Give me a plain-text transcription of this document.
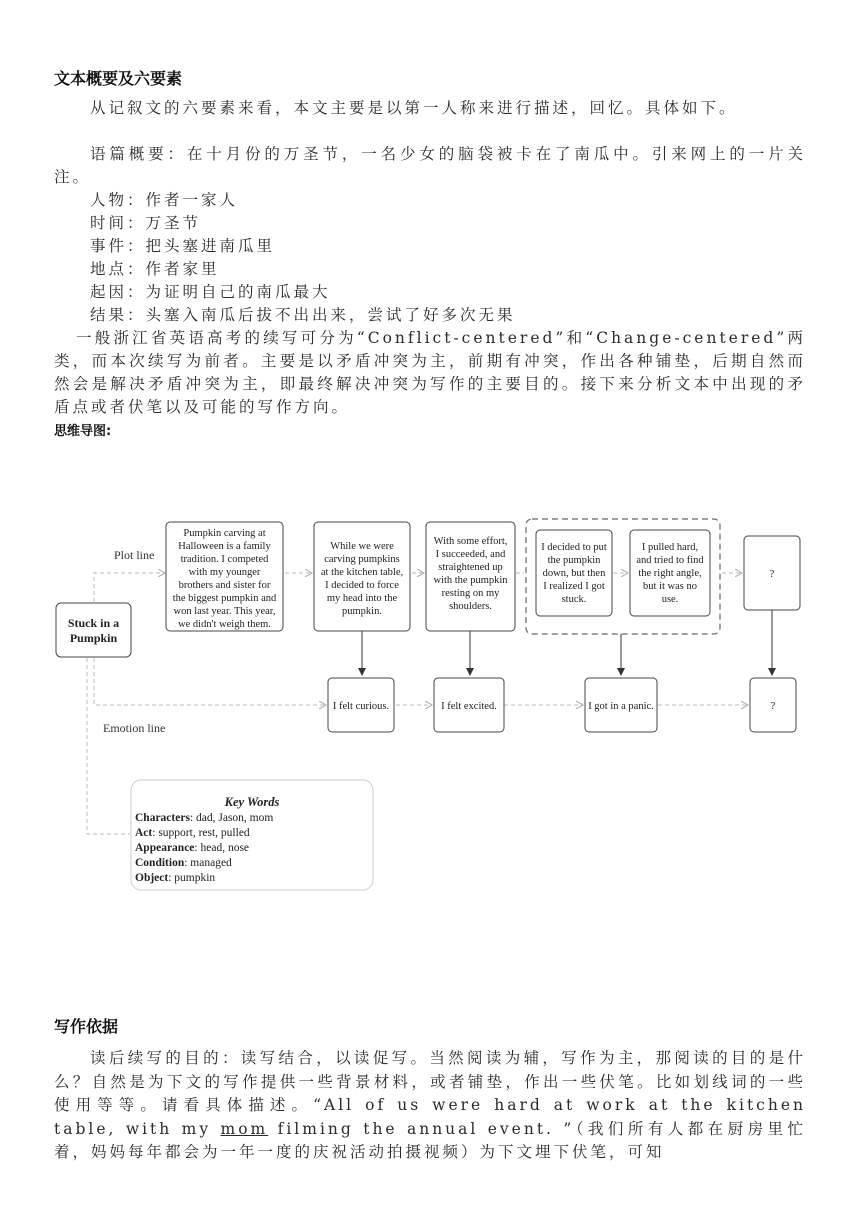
文本概要及六要素

从记叙文的六要素来看，本文主要是以第一人称来进行描述，回忆。具体如下。

语篇概要：在十月份的万圣节，一名少女的脑袋被卡在了南瓜中。引来网上的一片关注。

人物：作者一家人

时间：万圣节

事件：把头塞进南瓜里

地点：作者家里

起因：为证明自己的南瓜最大

结果：头塞入南瓜后拔不出出来，尝试了好多次无果

一般浙江省英语高考的续写可分为“Conflict-centered”和“Change-centered”两类，而本次续写为前者。主要是以矛盾冲突为主，前期有冲突，作出各种铺垫，后期自然而然会是解决矛盾冲突为主，即最终解决冲突为写作的主要目的。接下来分析文本中出现的矛盾点或者伏笔以及可能的写作方向。

思维导图:

Stuck in a
Pumpkin
Plot line
Emotion line
Pumpkin carving at
Halloween is a family
tradition. I competed
with my younger
brothers and sister for
the biggest pumpkin and
won last year. This year,
we didn't weigh them.
While we were
carving pumpkins
at the kitchen table,
I decided to force
my head into the
pumpkin.
With some effort,
I succeeded, and
straightened up
with the pumpkin
resting on my
shoulders.
I decided to put
the pumpkin
down, but then
I realized I got
stuck.
I pulled hard,
and tried to find
the right angle,
but it was no
use.
?
I felt curious.	I felt excited.	I got in a panic.	?
Key Words
Characters: dad, Jason, mom
Act: support, rest, pulled
Appearance: head, nose
Condition: managed
Object: pumpkin
写作依据

读后续写的目的：读写结合，以读促写。当然阅读为辅，写作为主，那阅读的目的是什么？自然是为下文的写作提供一些背景材料，或者铺垫，作出一些伏笔。比如划线词的一些使用等等。请看具体描述。“All of us were hard at work at the kitchen table, with my mom filming the annual event. ”（我们所有人都在厨房里忙着，妈妈每年都会为一年一度的庆祝活动拍摄视频）为下文埋下伏笔，可知
